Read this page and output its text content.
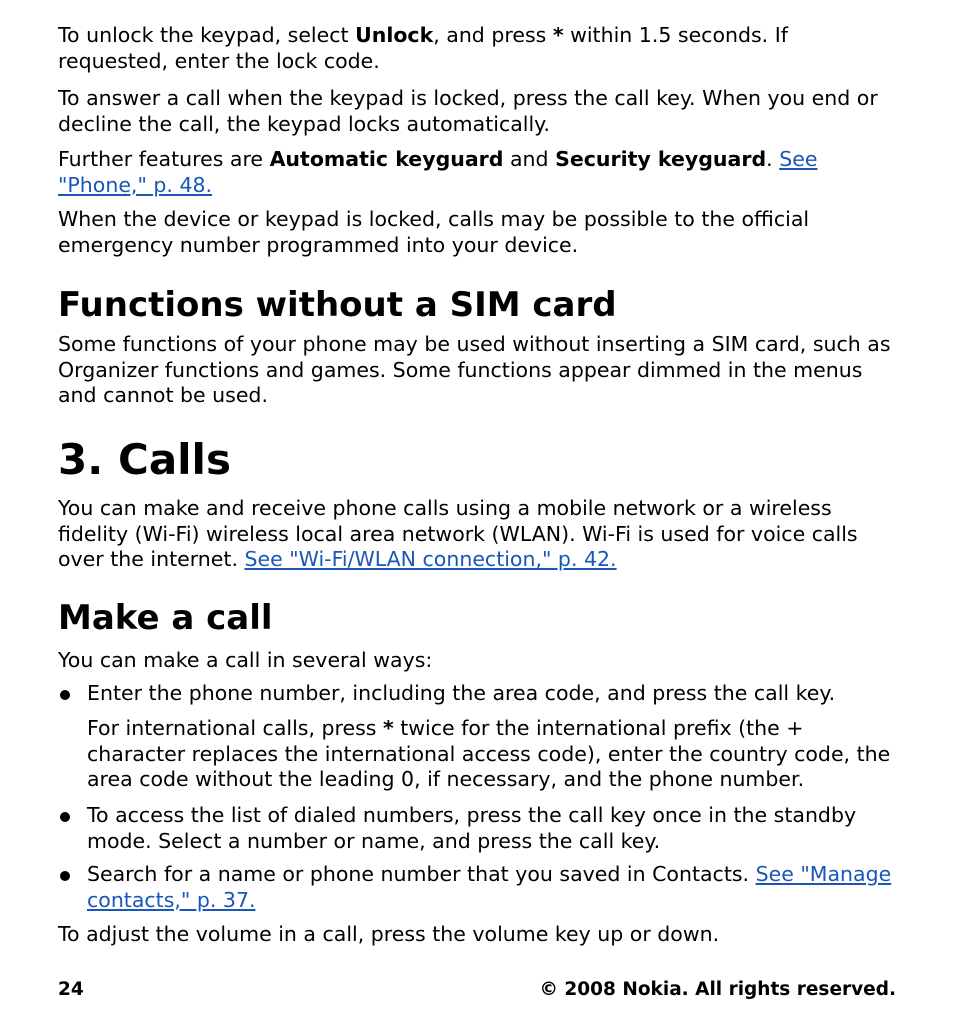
To unlock the keypad, select Unlock, and press * within 1.5 seconds. If requested, enter the lock code.

To answer a call when the keypad is locked, press the call key. When you end or decline the call, the keypad locks automatically.

Further features are Automatic keyguard and Security keyguard. See "Phone," p. 48.

When the device or keypad is locked, calls may be possible to the official emergency number programmed into your device.

Functions without a SIM card

Some functions of your phone may be used without inserting a SIM card, such as Organizer functions and games. Some functions appear dimmed in the menus and cannot be used.

3. Calls

You can make and receive phone calls using a mobile network or a wireless fidelity (Wi-Fi) wireless local area network (WLAN). Wi-Fi is used for voice calls over the internet. See "Wi-Fi/WLAN connection," p. 42.

Make a call

You can make a call in several ways:

Enter the phone number, including the area code, and press the call key.

For international calls, press * twice for the international prefix (the + character replaces the international access code), enter the country code, the area code without the leading 0, if necessary, and the phone number.

To access the list of dialed numbers, press the call key once in the standby mode. Select a number or name, and press the call key.

Search for a name or phone number that you saved in Contacts. See "Manage contacts," p. 37.

To adjust the volume in a call, press the volume key up or down.

24	© 2008 Nokia. All rights reserved.
